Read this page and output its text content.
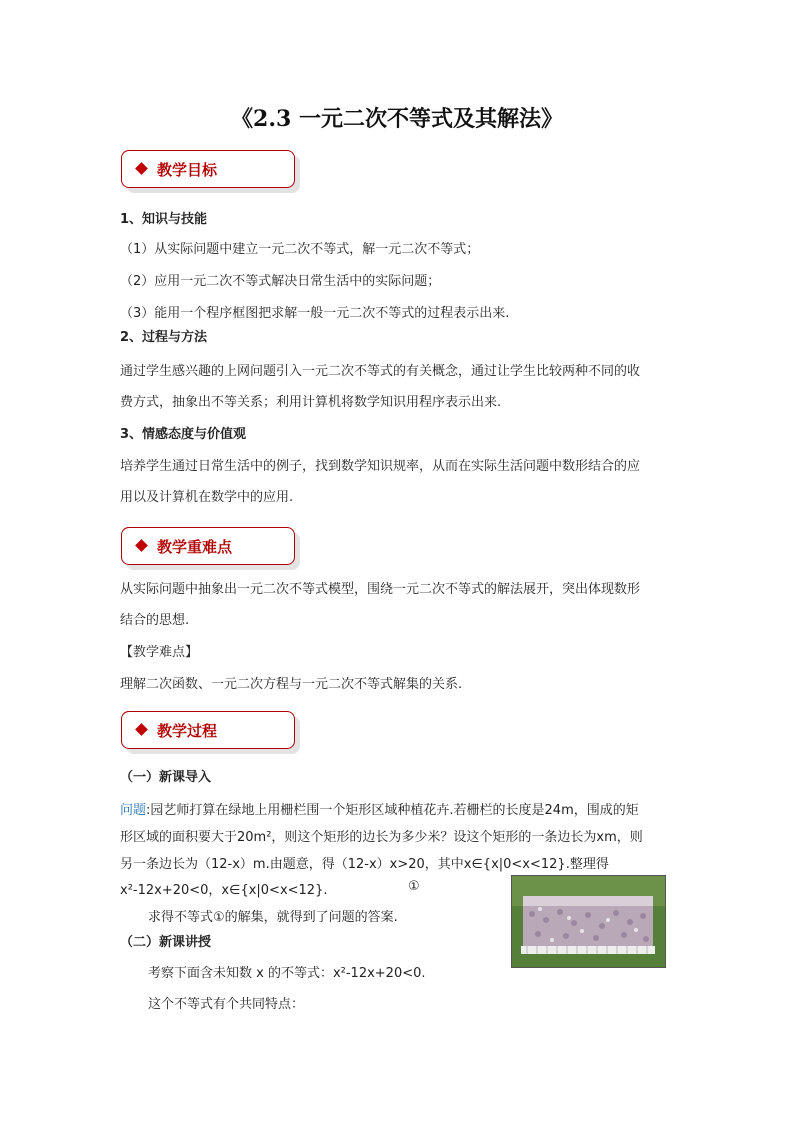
《2.3 一元二次不等式及其解法》
教学目标
1、知识与技能
（1）从实际问题中建立一元二次不等式，解一元二次不等式；
（2）应用一元二次不等式解决日常生活中的实际问题；
（3）能用一个程序框图把求解一般一元二次不等式的过程表示出来.
2、过程与方法
通过学生感兴趣的上网问题引入一元二次不等式的有关概念，通过让学生比较两种不同的收
费方式，抽象出不等关系；利用计算机将数学知识用程序表示出来.
3、情感态度与价值观
培养学生通过日常生活中的例子，找到数学知识规率，从而在实际生活问题中数形结合的应
用以及计算机在数学中的应用.
教学重难点
从实际问题中抽象出一元二次不等式模型，围绕一元二次不等式的解法展开，突出体现数形
结合的思想.
【教学难点】
理解二次函数、一元二次方程与一元二次不等式解集的关系.
教学过程
（一）新课导入
问题:园艺师打算在绿地上用栅栏围一个矩形区域种植花卉.若栅栏的长度是24m，围成的矩
形区域的面积要大于20m²，则这个矩形的边长为多少米？设这个矩形的一条边长为xm，则
另一条边长为（12-x）m.由题意，得（12-x）x>20，其中x∈{x|0<x<12}.整理得
x²-12x+20<0，x∈{x|0<x<12}.	①
求得不等式①的解集，就得到了问题的答案.
（二）新课讲授
考察下面含未知数 x 的不等式：x²-12x+20<0.
这个不等式有个共同特点：
